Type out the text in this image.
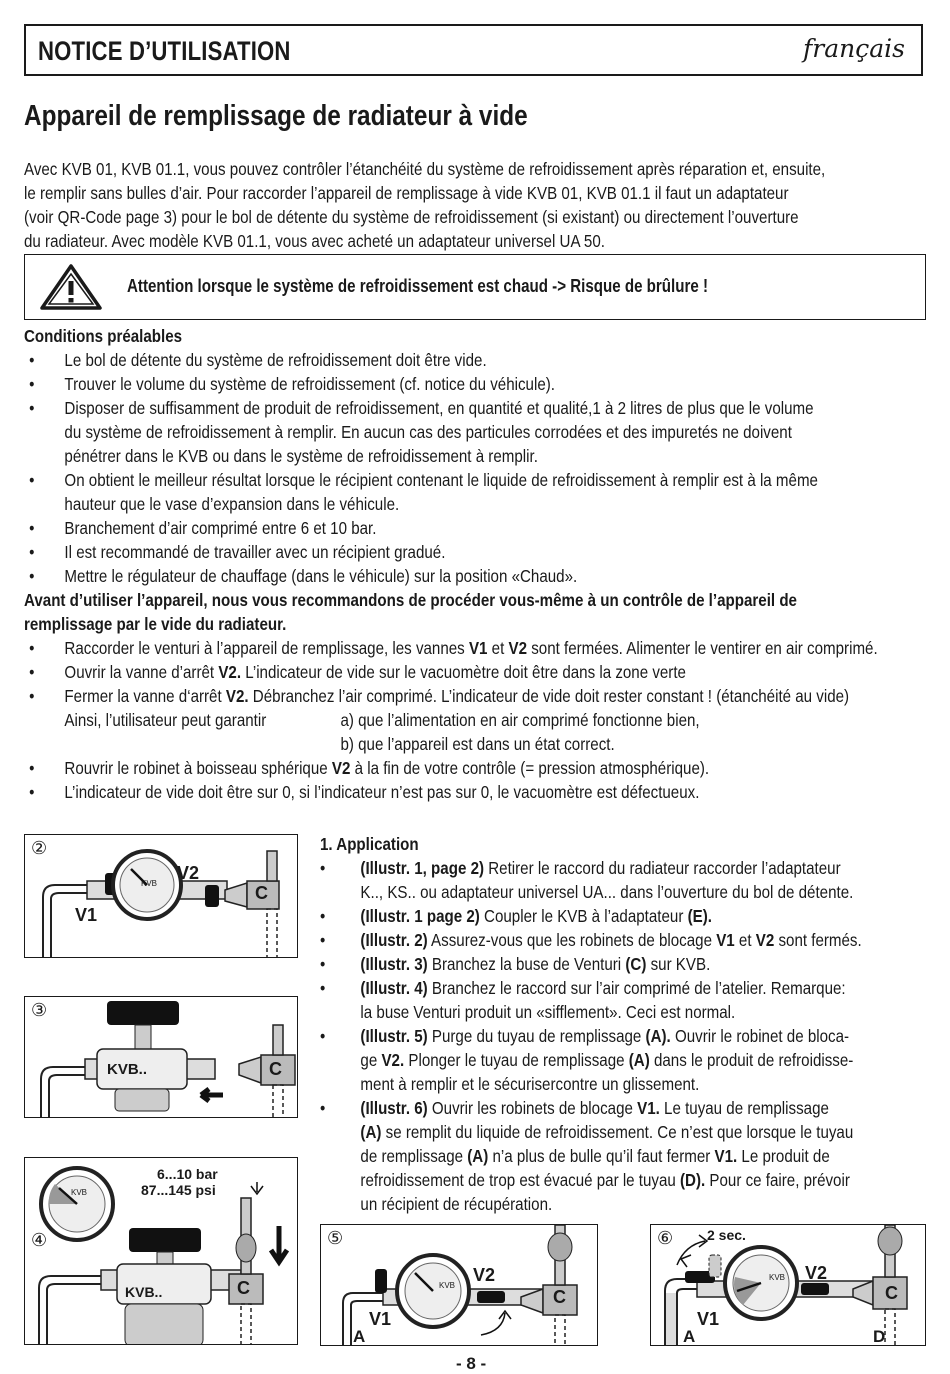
NOTICE D’UTILISATION	français
Appareil de remplissage de radiateur à vide

Avec KVB 01, KVB 01.1, vous pouvez contrôler l’étanchéité du système de refroidissement après réparation et, ensuite,

le remplir sans bulles d’air. Pour raccorder l’appareil de remplissage à vide KVB 01, KVB 01.1 il faut un adaptateur

(voir QR-Code page 3) pour le bol de détente du système de refroidissement (si existant) ou directement l’ouverture

du radiateur. Avec modèle KVB 01.1, vous avec acheté un adaptateur universel UA 50.

Attention lorsque le système de refroidissement est chaud -> Risque de brûlure !
Conditions préalables
• Le bol de détente du système de refroidissement doit être vide.
• Trouver le volume du système de refroidissement (cf. notice du véhicule).
• Disposer de suffisamment de produit de refroidissement, en quantité et qualité,1 à 2 litres de plus que le volume
du système de refroidissement à remplir. En aucun cas des particules corrodées et des impuretés ne doivent
pénétrer dans le KVB ou dans le système de refroidissement à remplir.
• On obtient le meilleur résultat lorsque le récipient contenant le liquide de refroidissement à remplir est à la même
hauteur que le vase d’expansion dans le véhicule.
• Branchement d’air comprimé entre 6 et 10 bar.
• Il est recommandé de travailler avec un récipient gradué.
• Mettre le régulateur de chauffage (dans le véhicule) sur la position «Chaud».
Avant d’utiliser l’appareil, nous vous recommandons de procéder vous-même à un contrôle de l’appareil de
remplissage par le vide du radiateur.
• Raccorder le venturi à l’appareil de remplissage, les vannes V1 et V2 sont fermées. Alimenter le ventirer en air comprimé.
• Ouvrir la vanne d’arrêt V2. L’indicateur de vide sur le vacuomètre doit être dans la zone verte
• Fermer la vanne d‘arrêt V2. Débranchez l’air comprimé. L’indicateur de vide doit rester constant ! (étanchéité au vide)
Ainsi, l’utilisateur peut garantir	a) que l’alimentation en air comprimé fonctionne bien,
b) que l’appareil est dans un état correct.
• Rouvrir le robinet à boisseau sphérique V2 à la fin de votre contrôle (= pression atmosphérique).
• L’indicateur de vide doit être sur 0, si l’indicateur n’est pas sur 0, le vacuomètre est défectueux.
②
KVB
V1
V2
C
③
KVB..	C
④
KVB
6...10 bar
87...145 psi
KVB..	C
⑤
KVB
V1
V2
C
A
⑥ 2 sec.
KVB
V1
V2
C
A	D
1. Application
• (Illustr. 1, page 2) Retirer le raccord du radiateur raccorder l’adaptateur
K.., KS.. ou adaptateur universel UA... dans l’ouverture du bol de détente.
• (Illustr. 1 page 2) Coupler le KVB à l’adaptateur (E).
• (Illustr. 2) Assurez-vous que les robinets de blocage V1 et V2 sont fermés.
• (Illustr. 3) Branchez la buse de Venturi (C) sur KVB.
• (Illustr. 4) Branchez le raccord sur l’air comprimé de l’atelier. Remarque:
la buse Venturi produit un «sifflement». Ceci est normal.
• (Illustr. 5) Purge du tuyau de remplissage (A). Ouvrir le robinet de bloca-
ge V2. Plonger le tuyau de remplissage (A) dans le produit de refroidisse-
ment à remplir et le sécurisercontre un glissement.
• (Illustr. 6) Ouvrir les robinets de blocage V1. Le tuyau de remplissage
(A) se remplit du liquide de refroidissement. Ce n’est que lorsque le tuyau
de remplissage (A) n’a plus de bulle qu’il faut fermer V1. Le produit de
refroidissement de trop est évacué par le tuyau (D). Pour ce faire, prévoir
un récipient de récupération.
- 8 -
